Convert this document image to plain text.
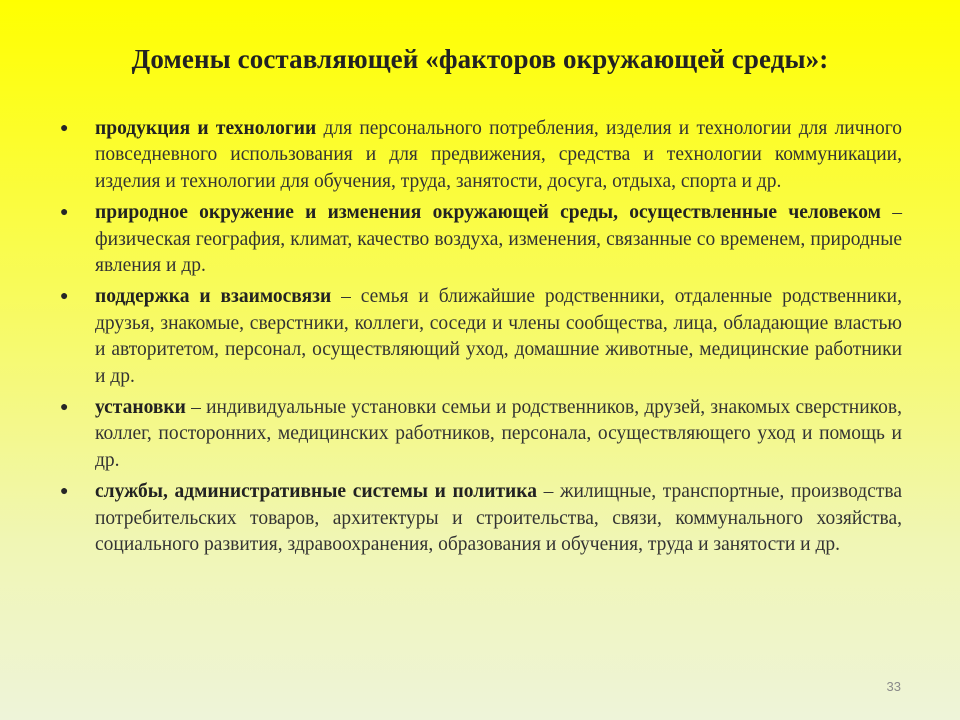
Домены составляющей «факторов окружающей среды»:
● продукция и технологии для персонального потребления, изделия и технологии для личного повседневного использования и для предвижения, средства и технологии коммуникации, изделия и технологии для обучения, труда, занятости, досуга, отдыха, спорта и др.
● природное окружение и изменения окружающей среды, осуществленные человеком – физическая география, климат, качество воздуха, изменения, связанные со временем, природные явления и др.
● поддержка и взаимосвязи – семья и ближайшие родственники, отдаленные родственники, друзья, знакомые, сверстники, коллеги, соседи и члены сообщества, лица, обладающие властью и авторитетом, персонал, осуществляющий уход, домашние животные, медицинские работники и др.
● установки – индивидуальные установки семьи и родственников, друзей, знакомых сверстников, коллег, посторонних, медицинских работников, персонала, осуществляющего уход и помощь и др.
● службы, административные системы и политика – жилищные, транспортные, производства потребительских товаров, архитектуры и строительства, связи, коммунального хозяйства, социального развития, здравоохранения, образования и обучения, труда и занятости и др.
33
